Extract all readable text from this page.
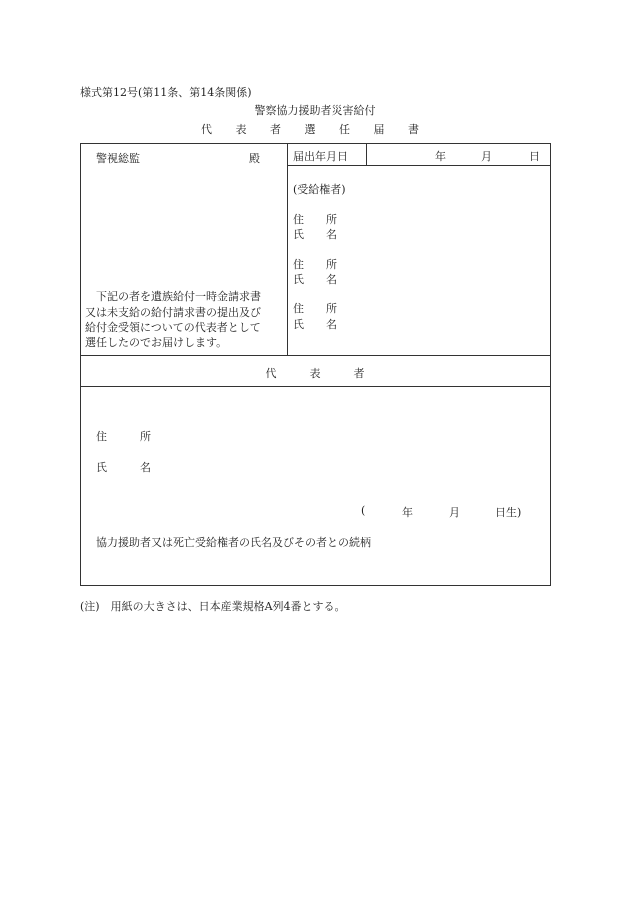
様式第12号(第11条、第14条関係)
警察協力援助者災害給付
代 表 者 選 任 届 書
警視総監	殿
下記の者を遺族給付一時金請求書
又は未支給の給付請求書の提出及び
給付金受領についての代表者として
選任したのでお届けします。
届出年月日	年	月	日
(受給権者)
住　　所
氏　　名
住　　所
氏　　名
住　　所
氏　　名
代　　　表　　　者
住　　　所
氏　　　名
(	年	月	日生)
協力援助者又は死亡受給権者の氏名及びその者との続柄
(注)　用紙の大きさは、日本産業規格A列4番とする。
